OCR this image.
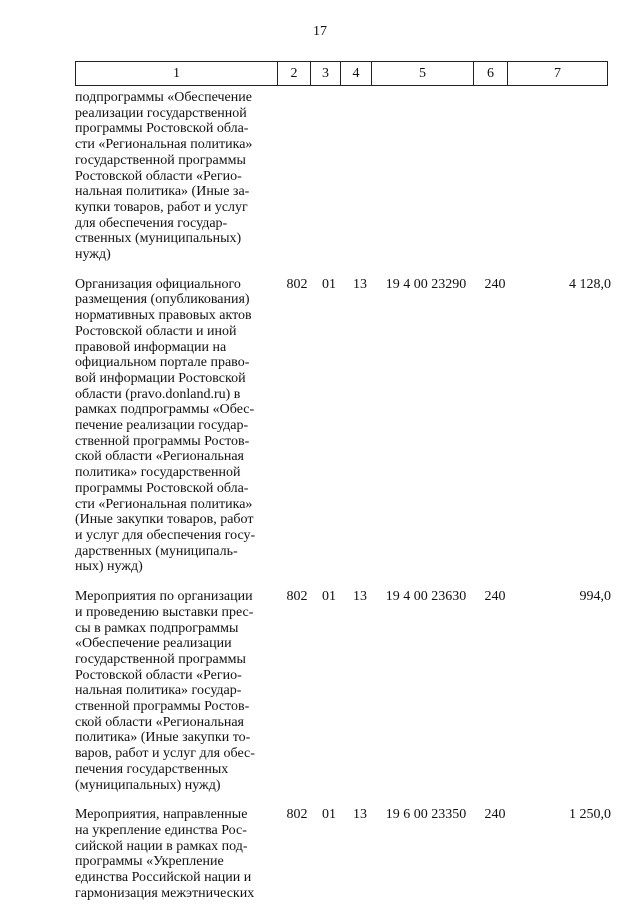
17
1	2	3	4	5	6	7
подпрограммы «Обеспечение
реализации государственной
программы Ростовской обла-
сти «Региональная политика»
государственной программы
Ростовской области «Регио-
нальная политика» (Иные за-
купки товаров, работ и услуг
для обеспечения государ-
ственных (муниципальных)
нужд)
Организация официального
размещения (опубликования)
нормативных правовых актов
Ростовской области и иной
правовой информации на
официальном портале право-
вой информации Ростовской
области (pravo.donland.ru) в
рамках подпрограммы «Обес-
печение реализации государ-
ственной программы Ростов-
ской области «Региональная
политика» государственной
программы Ростовской обла-
сти «Региональная политика»
(Иные закупки товаров, работ
и услуг для обеспечения госу-
дарственных (муниципаль-
ных) нужд)
802	01	13	19 4 00 23290	240	4 128,0
Мероприятия по организации
и проведению выставки прес-
сы в рамках подпрограммы
«Обеспечение реализации
государственной программы
Ростовской области «Регио-
нальная политика» государ-
ственной программы Ростов-
ской области «Региональная
политика» (Иные закупки то-
варов, работ и услуг для обес-
печения государственных
(муниципальных) нужд)
802	01	13	19 4 00 23630	240	994,0
Мероприятия, направленные
на укрепление единства Рос-
сийской нации в рамках под-
программы «Укрепление
единства Российской нации и
гармонизация межэтнических
802	01	13	19 6 00 23350	240	1 250,0
